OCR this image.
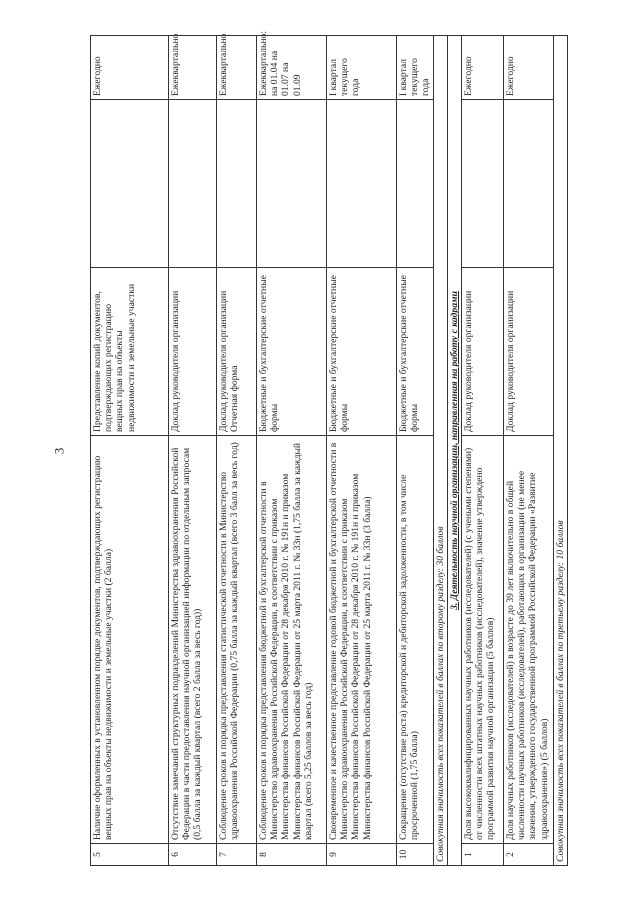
3
5	Наличие оформленных в установленном порядке документов, подтверждающих регистрацию вещных прав на объекты недвижимости и земельные участки (2 балла)	Представление копий документов, подтверждающих регистрацию вещных прав на объекты недвижимости и земельные участки		Ежегодно
6	Отсутствие замечаний структурных подразделений Министерства здравоохранения Российской Федерации в части предоставления научной организацией информации по отдельным запросам (0,5 балла за каждый квартал (всего 2 балла за весь год))	Доклад руководителя организации		Ежеквартально
7	Соблюдение сроков и порядка представления статистической отчетности в Министерство здравоохранения Российской Федерации (0,75 балла за каждый квартал (всего 3 балл за весь год)	Доклад руководителя организации Отчетная форма		Ежеквартально
8	Соблюдение сроков и порядка представления бюджетной и бухгалтерской отчетности в Министерство здравоохранения Российской Федерации, в соответствии с приказом Министерства финансов Российской Федерации от 28 декабря 2010 г. № 191н и приказом Министерства финансов Российской Федерации от 25 марта 2011 г. № 33н (1,75 балла за каждый квартал (всего 5,25 баллов за весь год)	Бюджетные и бухгалтерские отчетные формы		Ежеквартально: на 01.04 на 01.07 на 01.09
9	Своевременное и качественное представление годовой бюджетной и бухгалтерской отчетности в Министерство здравоохранения Российской Федерации, в соответствии с приказом Министерства финансов Российской Федерации от 28 декабря 2010 г. № 191н и приказом Министерства финансов Российской Федерации от 25 марта 2011 г. № 33н (3 балла)	Бюджетные и бухгалтерские отчетные формы		I квартал текущего года
10	Сокращение (отсутствие роста) кредиторской и дебиторской задолженности, в том числе просроченной (1,75 балла)	Бюджетные и бухгалтерские отчетные формы		I квартал текущего года
Совокупная значимость всех показателей в баллах по второму разделу: 30 баллов				
3. Деятельность научной организации, направленная на работу с кадрами				
1	Доля высококвалифицированных научных работников (исследователей) (с учеными степенями) от численности всех штатных научных работников (исследователей), значение утверждено программой развития научной организации (5 баллов)	Доклад руководителя организации		Ежегодно
2	Доля научных работников (исследователей) в возрасте до 39 лет включительно в общей численности научных работников (исследователей), работающих в организации (не менее значения, утвержденного государственной программой Российской Федерации «Развитие здравоохранения») (5 баллов)	Доклад руководителя организации		Ежегодно
Совокупная значимость всех показателей в баллах по третьему разделу: 10 баллов				
